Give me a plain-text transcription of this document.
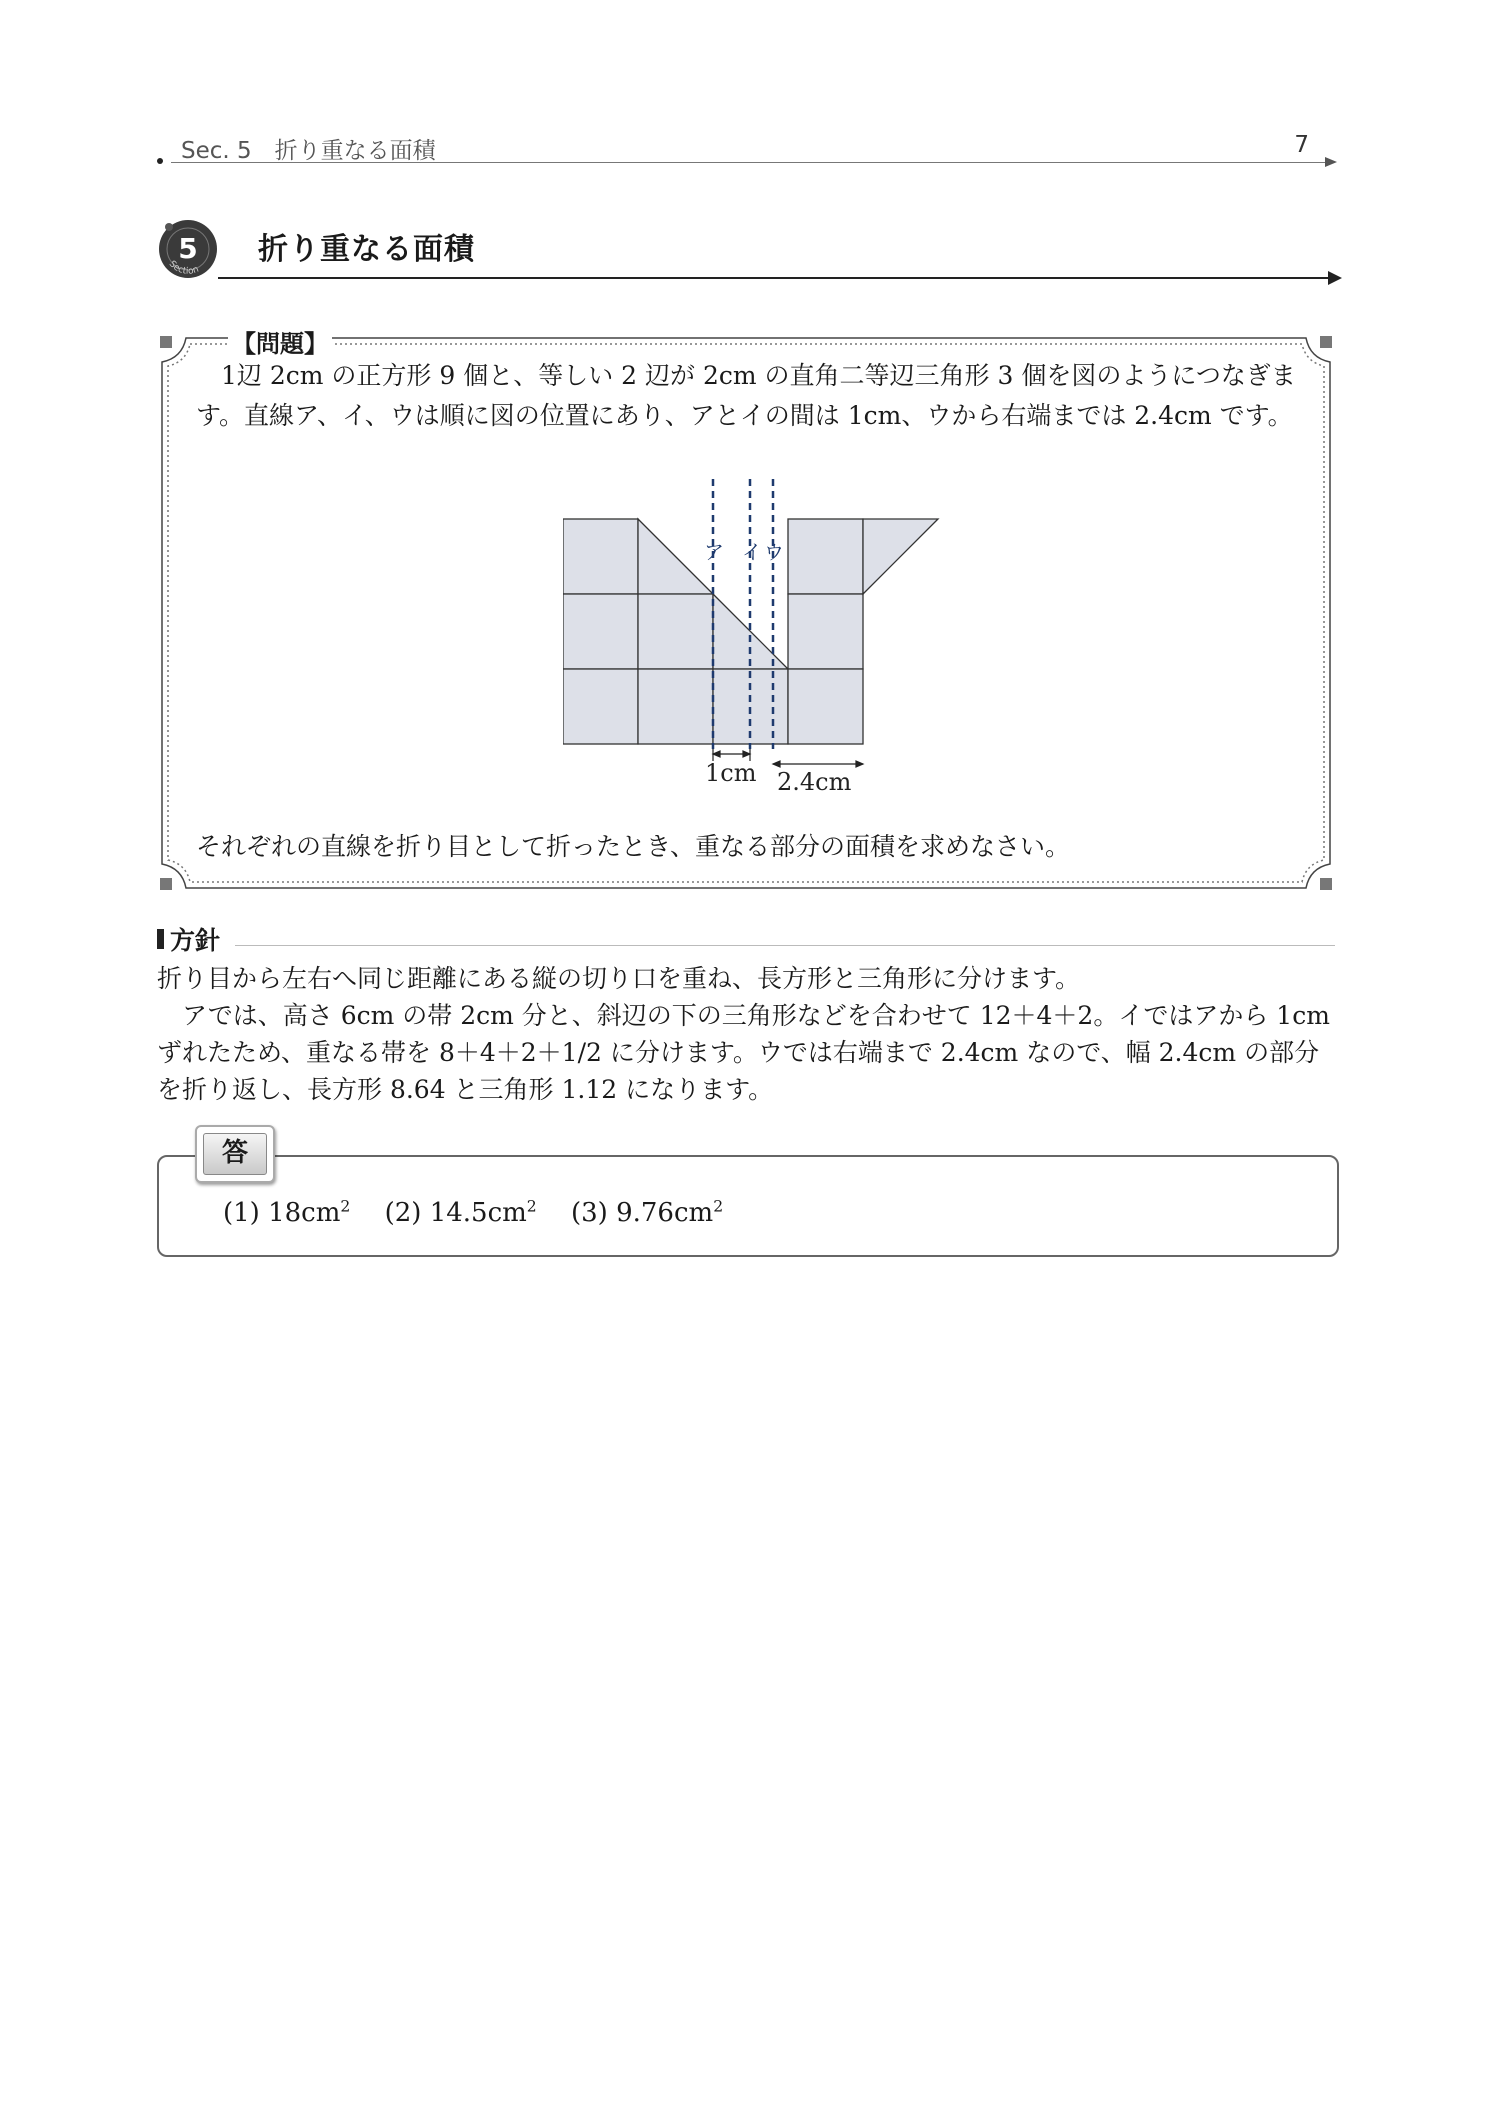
Sec. 5　折り重なる面積	7
Section
5 折り重なる面積
【問題】

1辺 2cm の正方形 9 個と、等しい 2 辺が 2cm の直角二等辺三角形 3 個を図のようにつなぎます。直線ア、イ、ウは順に図の位置にあり、アとイの間は 1cm、ウから右端までは 2.4cm です。

ア イ ウ
1cm 2.4cm
それぞれの直線を折り目として折ったとき、重なる部分の面積を求めなさい。
方針

折り目から左右へ同じ距離にある縦の切り口を重ね、長方形と三角形に分けます。

アでは、高さ 6cm の帯 2cm 分と、斜辺の下の三角形などを合わせて 12＋4＋2。イではアから 1cm ずれたため、重なる帯を 8＋4＋2＋1/2 に分けます。ウでは右端まで 2.4cm なので、幅 2.4cm の部分を折り返し、長方形 8.64 と三角形 1.12 になります。

答
(1) $18cm^2$ (2) $14.5cm^2$ (3) $9.76cm^2$
